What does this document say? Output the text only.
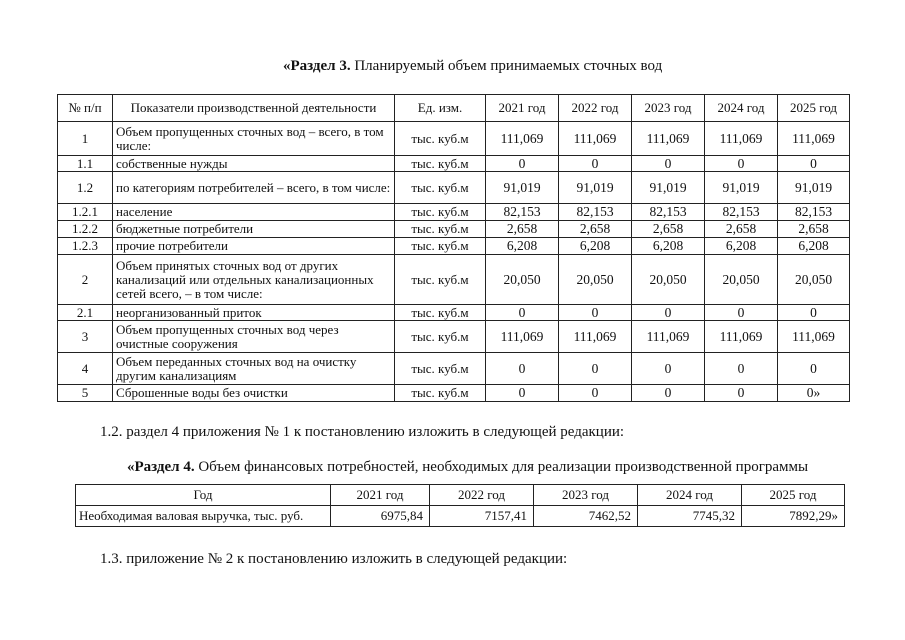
«Раздел 3. Планируемый объем принимаемых сточных вод
№ п/п	Показатели производственной деятельности	Ед. изм.	2021 год	2022 год	2023 год	2024 год	2025 год
1	Объем пропущенных сточных вод – всего, в том числе:	тыс. куб.м	111,069	111,069	111,069	111,069	111,069
1.1	собственные нужды	тыс. куб.м	0	0	0	0	0
1.2	по категориям потребителей – всего, в том числе:	тыс. куб.м	91,019	91,019	91,019	91,019	91,019
1.2.1	население	тыс. куб.м	82,153	82,153	82,153	82,153	82,153
1.2.2	бюджетные потребители	тыс. куб.м	2,658	2,658	2,658	2,658	2,658
1.2.3	прочие потребители	тыс. куб.м	6,208	6,208	6,208	6,208	6,208
2	Объем принятых сточных вод от других канализаций или отдельных канализационных сетей всего, – в том числе:	тыс. куб.м	20,050	20,050	20,050	20,050	20,050
2.1	неорганизованный приток	тыс. куб.м	0	0	0	0	0
3	Объем пропущенных сточных вод через очистные сооружения	тыс. куб.м	111,069	111,069	111,069	111,069	111,069
4	Объем переданных сточных вод на очистку другим канализациям	тыс. куб.м	0	0	0	0	0
5	Сброшенные воды без очистки	тыс. куб.м	0	0	0	0	0»
1.2. раздел 4 приложения № 1 к постановлению изложить в следующей редакции:
«Раздел 4. Объем финансовых потребностей, необходимых для реализации производственной программы
Год	2021 год	2022 год	2023 год	2024 год	2025 год
Необходимая валовая выручка, тыс. руб.	6975,84	7157,41	7462,52	7745,32	7892,29»
1.3. приложение № 2 к постановлению изложить в следующей редакции:
